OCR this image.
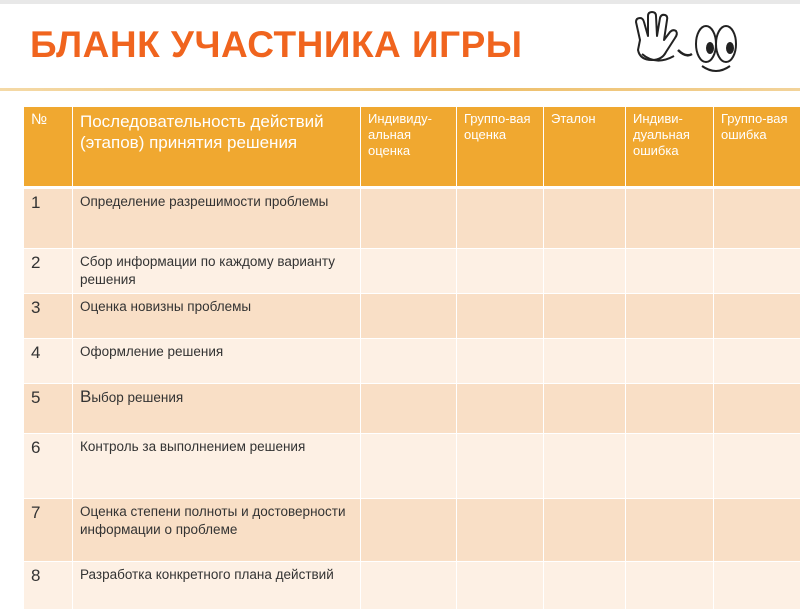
БЛАНК УЧАСТНИКА ИГРЫ
№	Последовательность действий (этапов) принятия решения	Индивиду-альная оценка	Группо-вая оценка	Эталон	Индиви-дуальная ошибка	Группо-вая ошибка
1	Определение разрешимости проблемы					
2	Сбор информации по каждому варианту решения					
3	Оценка новизны проблемы					
4	Оформление решения					
5	Выбор решения					
6	Контроль за выполнением решения					
7	Оценка степени полноты и достоверности информации о проблеме					
8	Разработка конкретного плана действий					
